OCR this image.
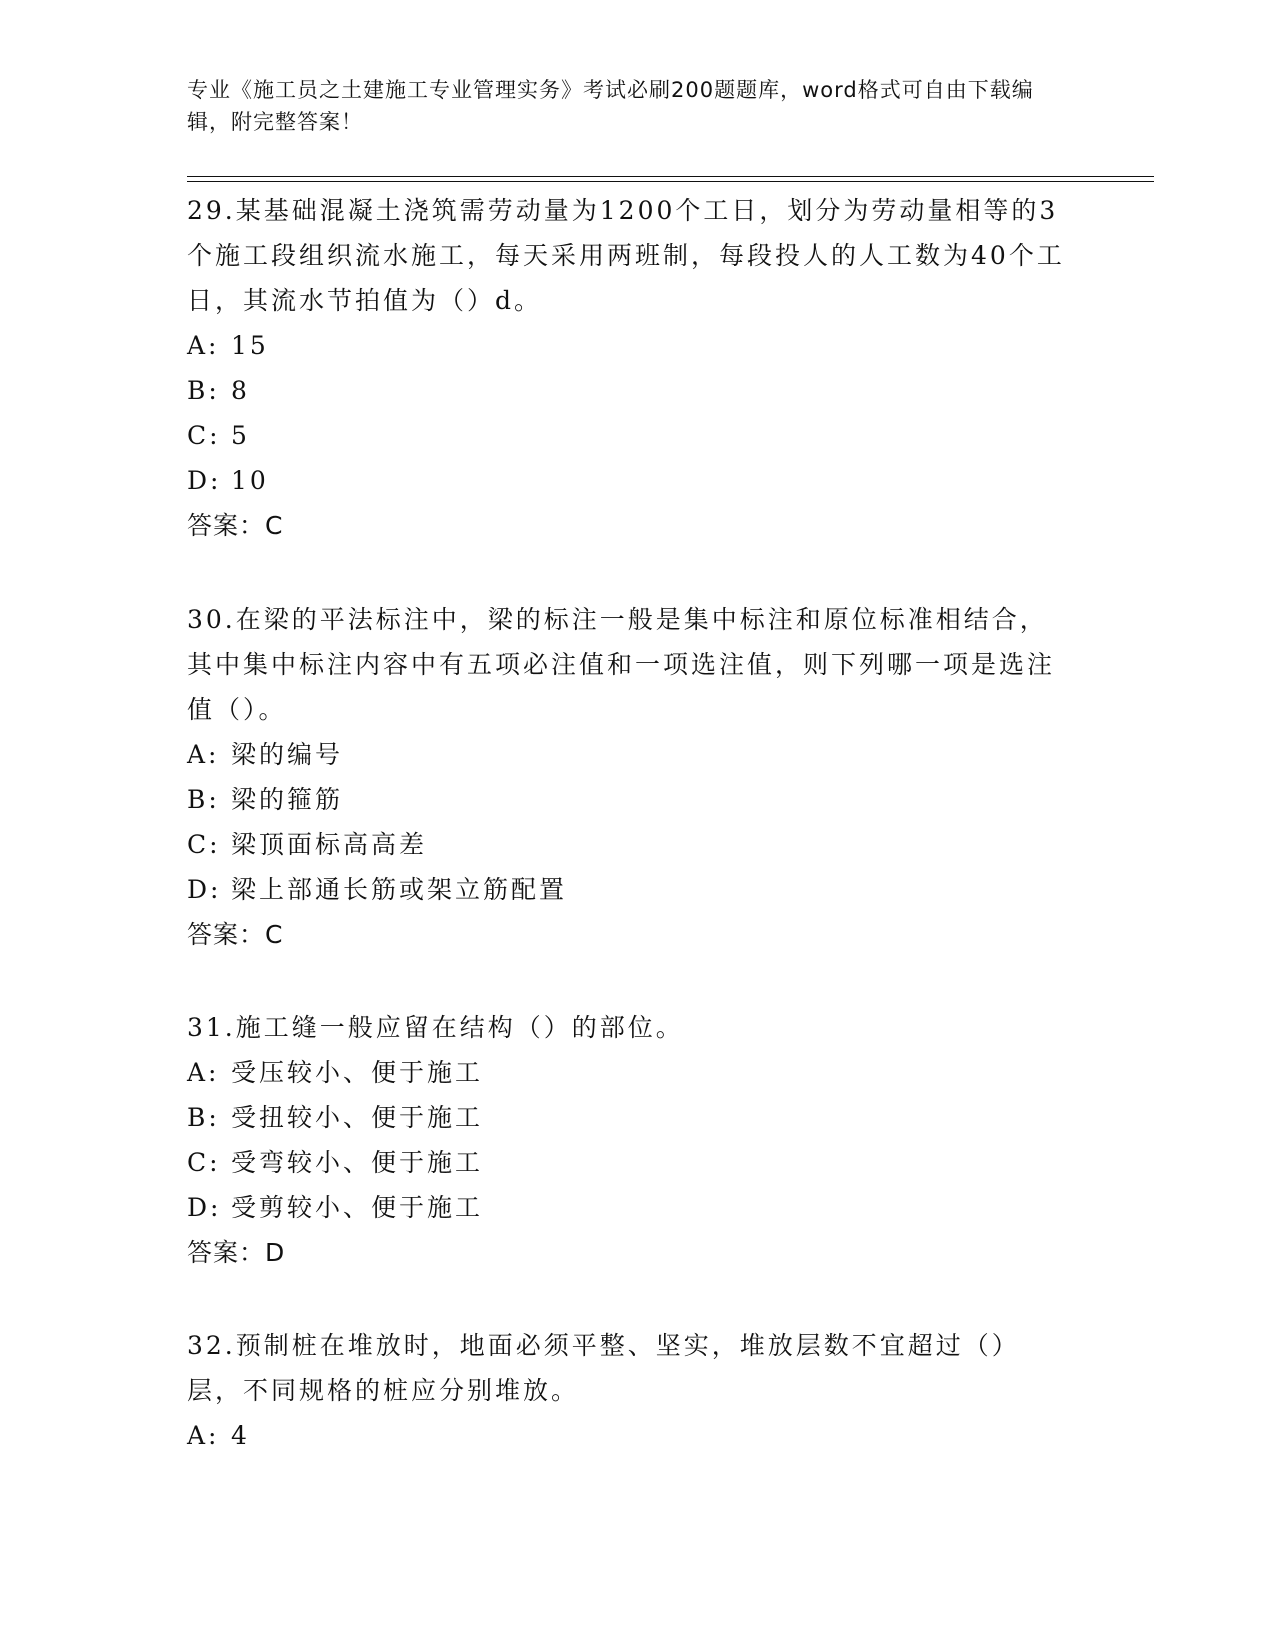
专业《施工员之土建施工专业管理实务》考试必刷200题题库，word格式可自由下载编辑，附完整答案！

29.某基础混凝土浇筑需劳动量为1200个工日，划分为劳动量相等的3个施工段组织流水施工，每天采用两班制，每段投人的人工数为40个工日，其流水节拍值为（）d。

A: 15

B: 8

C: 5

D: 10

答案：C

30.在梁的平法标注中，梁的标注一般是集中标注和原位标准相结合，其中集中标注内容中有五项必注值和一项选注值，则下列哪一项是选注值（）。

A: 梁的编号

B: 梁的箍筋

C: 梁顶面标高高差

D: 梁上部通长筋或架立筋配置

答案：C

31.施工缝一般应留在结构（）的部位。

A: 受压较小、便于施工

B: 受扭较小、便于施工

C: 受弯较小、便于施工

D: 受剪较小、便于施工

答案：D

32.预制桩在堆放时，地面必须平整、坚实，堆放层数不宜超过（）层，不同规格的桩应分别堆放。

A: 4
